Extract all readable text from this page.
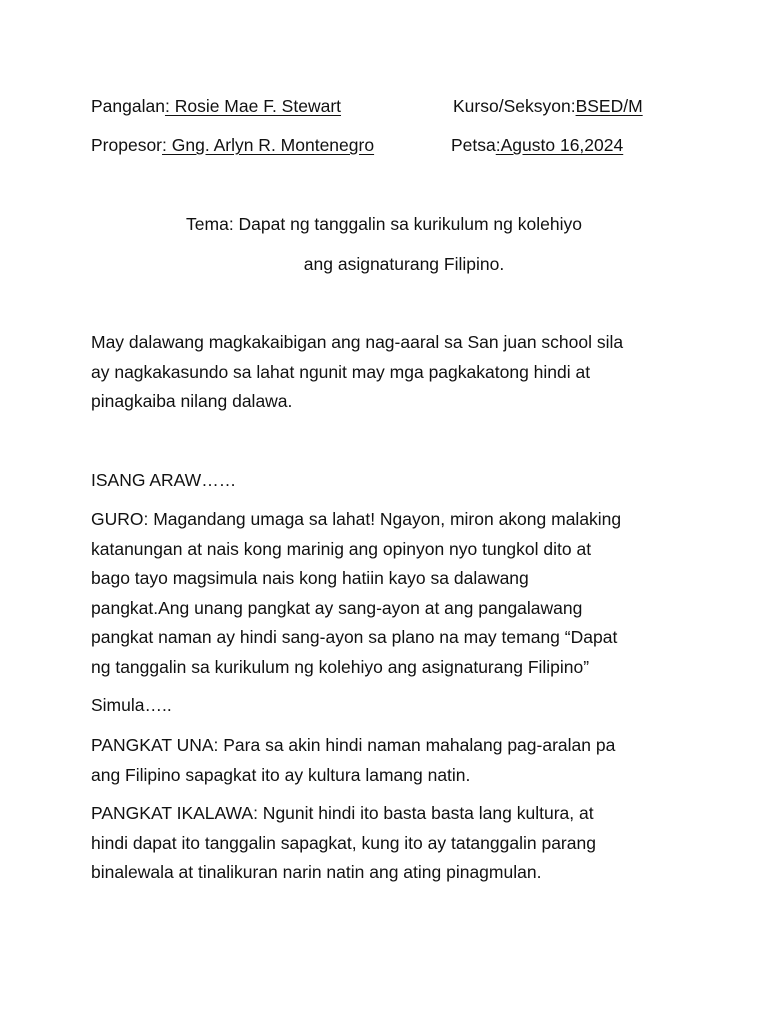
Pangalan: Rosie Mae F. Stewart	Kurso/Seksyon:BSED/M
Propesor: Gng. Arlyn R. Montenegro	Petsa:Agusto 16,2024
Tema: Dapat ng tanggalin sa kurikulum ng kolehiyo
ang asignaturang Filipino.

May dalawang magkakaibigan ang nag-aaral sa San juan school sila

ay nagkakasundo sa lahat ngunit may mga pagkakatong hindi at

pinagkaiba nilang dalawa.

ISANG ARAW……

GURO: Magandang umaga sa lahat! Ngayon, miron akong malaking

katanungan at nais kong marinig ang opinyon nyo tungkol dito at

bago tayo magsimula nais kong hatiin kayo sa dalawang

pangkat.Ang unang pangkat ay sang-ayon at ang pangalawang

pangkat naman ay hindi sang-ayon sa plano na may temang “Dapat

ng tanggalin sa kurikulum ng kolehiyo ang asignaturang Filipino”

Simula…..

PANGKAT UNA: Para sa akin hindi naman mahalang pag-aralan pa

ang Filipino sapagkat ito ay kultura lamang natin.

PANGKAT IKALAWA: Ngunit hindi ito basta basta lang kultura, at

hindi dapat ito tanggalin sapagkat, kung ito ay tatanggalin parang

binalewala at tinalikuran narin natin ang ating pinagmulan.
